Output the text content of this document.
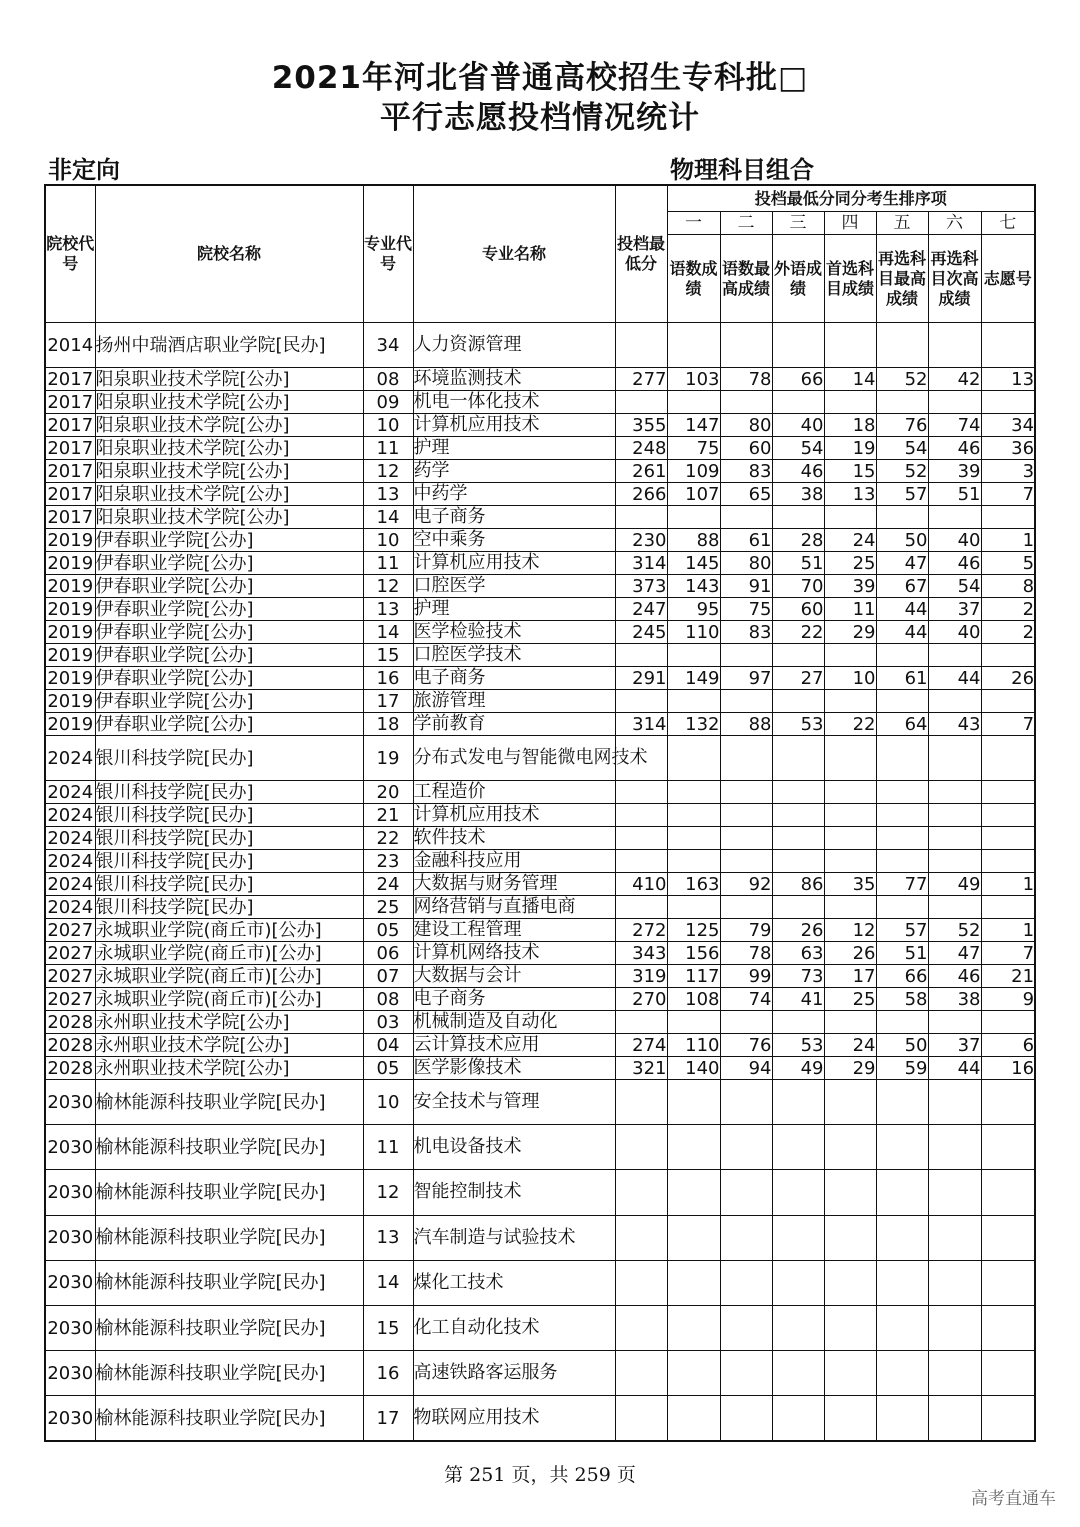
2021年河北省普通高校招生专科批□
平行志愿投档情况统计
非定向	物理科目组合
院校代号	院校名称	专业代号	专业名称	投档最低分	投档最低分同分考生排序项						
					一	二	三	四	五	六	七
					语数成绩	语数最高成绩	外语成绩	首选科目成绩	再选科目最高成绩	再选科目次高成绩	志愿号
2014	扬州中瑞酒店职业学院[民办]	34	人力资源管理								
2017	阳泉职业技术学院[公办]	08	环境监测技术	277	103	78	66	14	52	42	13
2017	阳泉职业技术学院[公办]	09	机电一体化技术								
2017	阳泉职业技术学院[公办]	10	计算机应用技术	355	147	80	40	18	76	74	34
2017	阳泉职业技术学院[公办]	11	护理	248	75	60	54	19	54	46	36
2017	阳泉职业技术学院[公办]	12	药学	261	109	83	46	15	52	39	3
2017	阳泉职业技术学院[公办]	13	中药学	266	107	65	38	13	57	51	7
2017	阳泉职业技术学院[公办]	14	电子商务								
2019	伊春职业学院[公办]	10	空中乘务	230	88	61	28	24	50	40	1
2019	伊春职业学院[公办]	11	计算机应用技术	314	145	80	51	25	47	46	5
2019	伊春职业学院[公办]	12	口腔医学	373	143	91	70	39	67	54	8
2019	伊春职业学院[公办]	13	护理	247	95	75	60	11	44	37	2
2019	伊春职业学院[公办]	14	医学检验技术	245	110	83	22	29	44	40	2
2019	伊春职业学院[公办]	15	口腔医学技术								
2019	伊春职业学院[公办]	16	电子商务	291	149	97	27	10	61	44	26
2019	伊春职业学院[公办]	17	旅游管理								
2019	伊春职业学院[公办]	18	学前教育	314	132	88	53	22	64	43	7
2024	银川科技学院[民办]	19	分布式发电与智能微电网技术								
2024	银川科技学院[民办]	20	工程造价								
2024	银川科技学院[民办]	21	计算机应用技术								
2024	银川科技学院[民办]	22	软件技术								
2024	银川科技学院[民办]	23	金融科技应用								
2024	银川科技学院[民办]	24	大数据与财务管理	410	163	92	86	35	77	49	1
2024	银川科技学院[民办]	25	网络营销与直播电商								
2027	永城职业学院(商丘市)[公办]	05	建设工程管理	272	125	79	26	12	57	52	1
2027	永城职业学院(商丘市)[公办]	06	计算机网络技术	343	156	78	63	26	51	47	7
2027	永城职业学院(商丘市)[公办]	07	大数据与会计	319	117	99	73	17	66	46	21
2027	永城职业学院(商丘市)[公办]	08	电子商务	270	108	74	41	25	58	38	9
2028	永州职业技术学院[公办]	03	机械制造及自动化								
2028	永州职业技术学院[公办]	04	云计算技术应用	274	110	76	53	24	50	37	6
2028	永州职业技术学院[公办]	05	医学影像技术	321	140	94	49	29	59	44	16
2030	榆林能源科技职业学院[民办]	10	安全技术与管理								
2030	榆林能源科技职业学院[民办]	11	机电设备技术								
2030	榆林能源科技职业学院[民办]	12	智能控制技术								
2030	榆林能源科技职业学院[民办]	13	汽车制造与试验技术								
2030	榆林能源科技职业学院[民办]	14	煤化工技术								
2030	榆林能源科技职业学院[民办]	15	化工自动化技术								
2030	榆林能源科技职业学院[民办]	16	高速铁路客运服务								
2030	榆林能源科技职业学院[民办]	17	物联网应用技术								
第 251 页，共 259 页
高考直通车
